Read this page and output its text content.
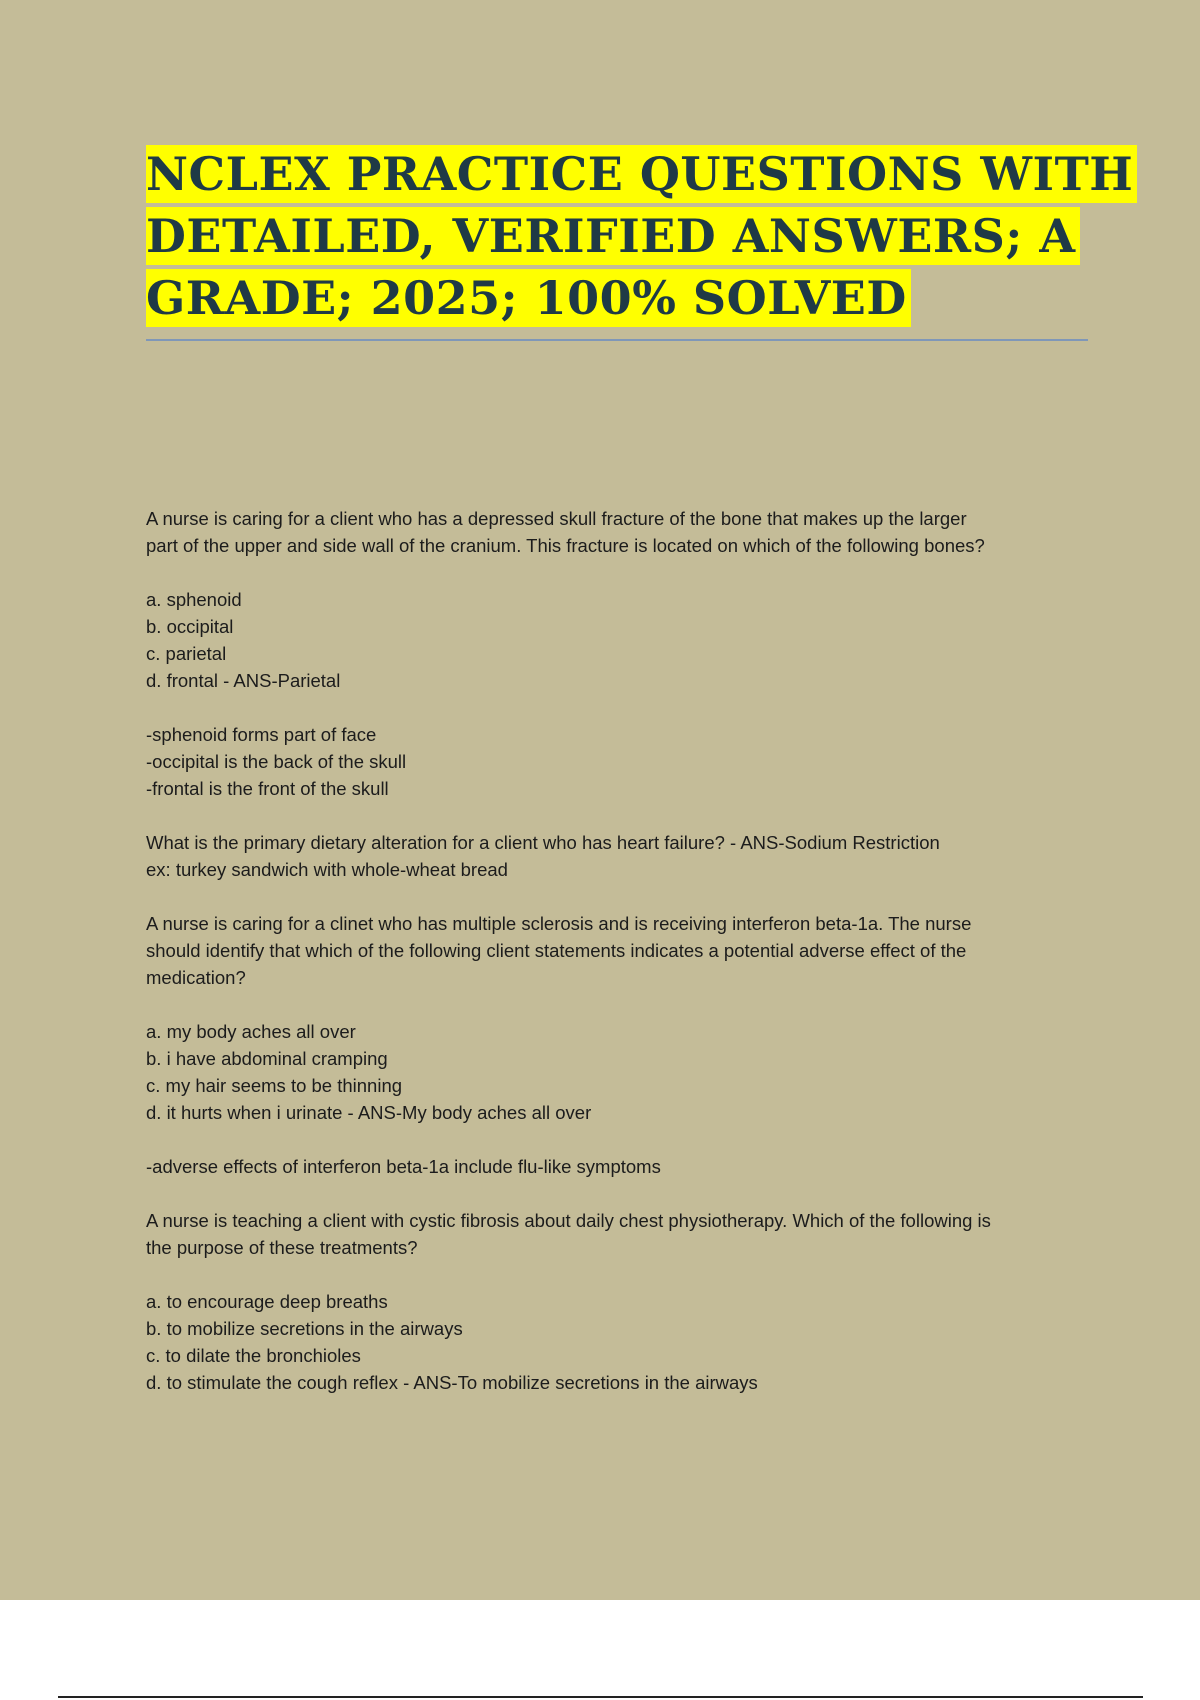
NCLEX PRACTICE QUESTIONS WITH
DETAILED, VERIFIED ANSWERS; A
GRADE; 2025; 100% SOLVED
A nurse is caring for a client who has a depressed skull fracture of the bone that makes up the larger
part of the upper and side wall of the cranium. This fracture is located on which of the following bones?
a. sphenoid
b. occipital
c. parietal
d. frontal - ANS-Parietal
-sphenoid forms part of face
-occipital is the back of the skull
-frontal is the front of the skull
What is the primary dietary alteration for a client who has heart failure? - ANS-Sodium Restriction
ex: turkey sandwich with whole-wheat bread
A nurse is caring for a clinet who has multiple sclerosis and is receiving interferon beta-1a. The nurse
should identify that which of the following client statements indicates a potential adverse effect of the
medication?
a. my body aches all over
b. i have abdominal cramping
c. my hair seems to be thinning
d. it hurts when i urinate - ANS-My body aches all over
-adverse effects of interferon beta-1a include flu-like symptoms
A nurse is teaching a client with cystic fibrosis about daily chest physiotherapy. Which of the following is
the purpose of these treatments?
a. to encourage deep breaths
b. to mobilize secretions in the airways
c. to dilate the bronchioles
d. to stimulate the cough reflex - ANS-To mobilize secretions in the airways
